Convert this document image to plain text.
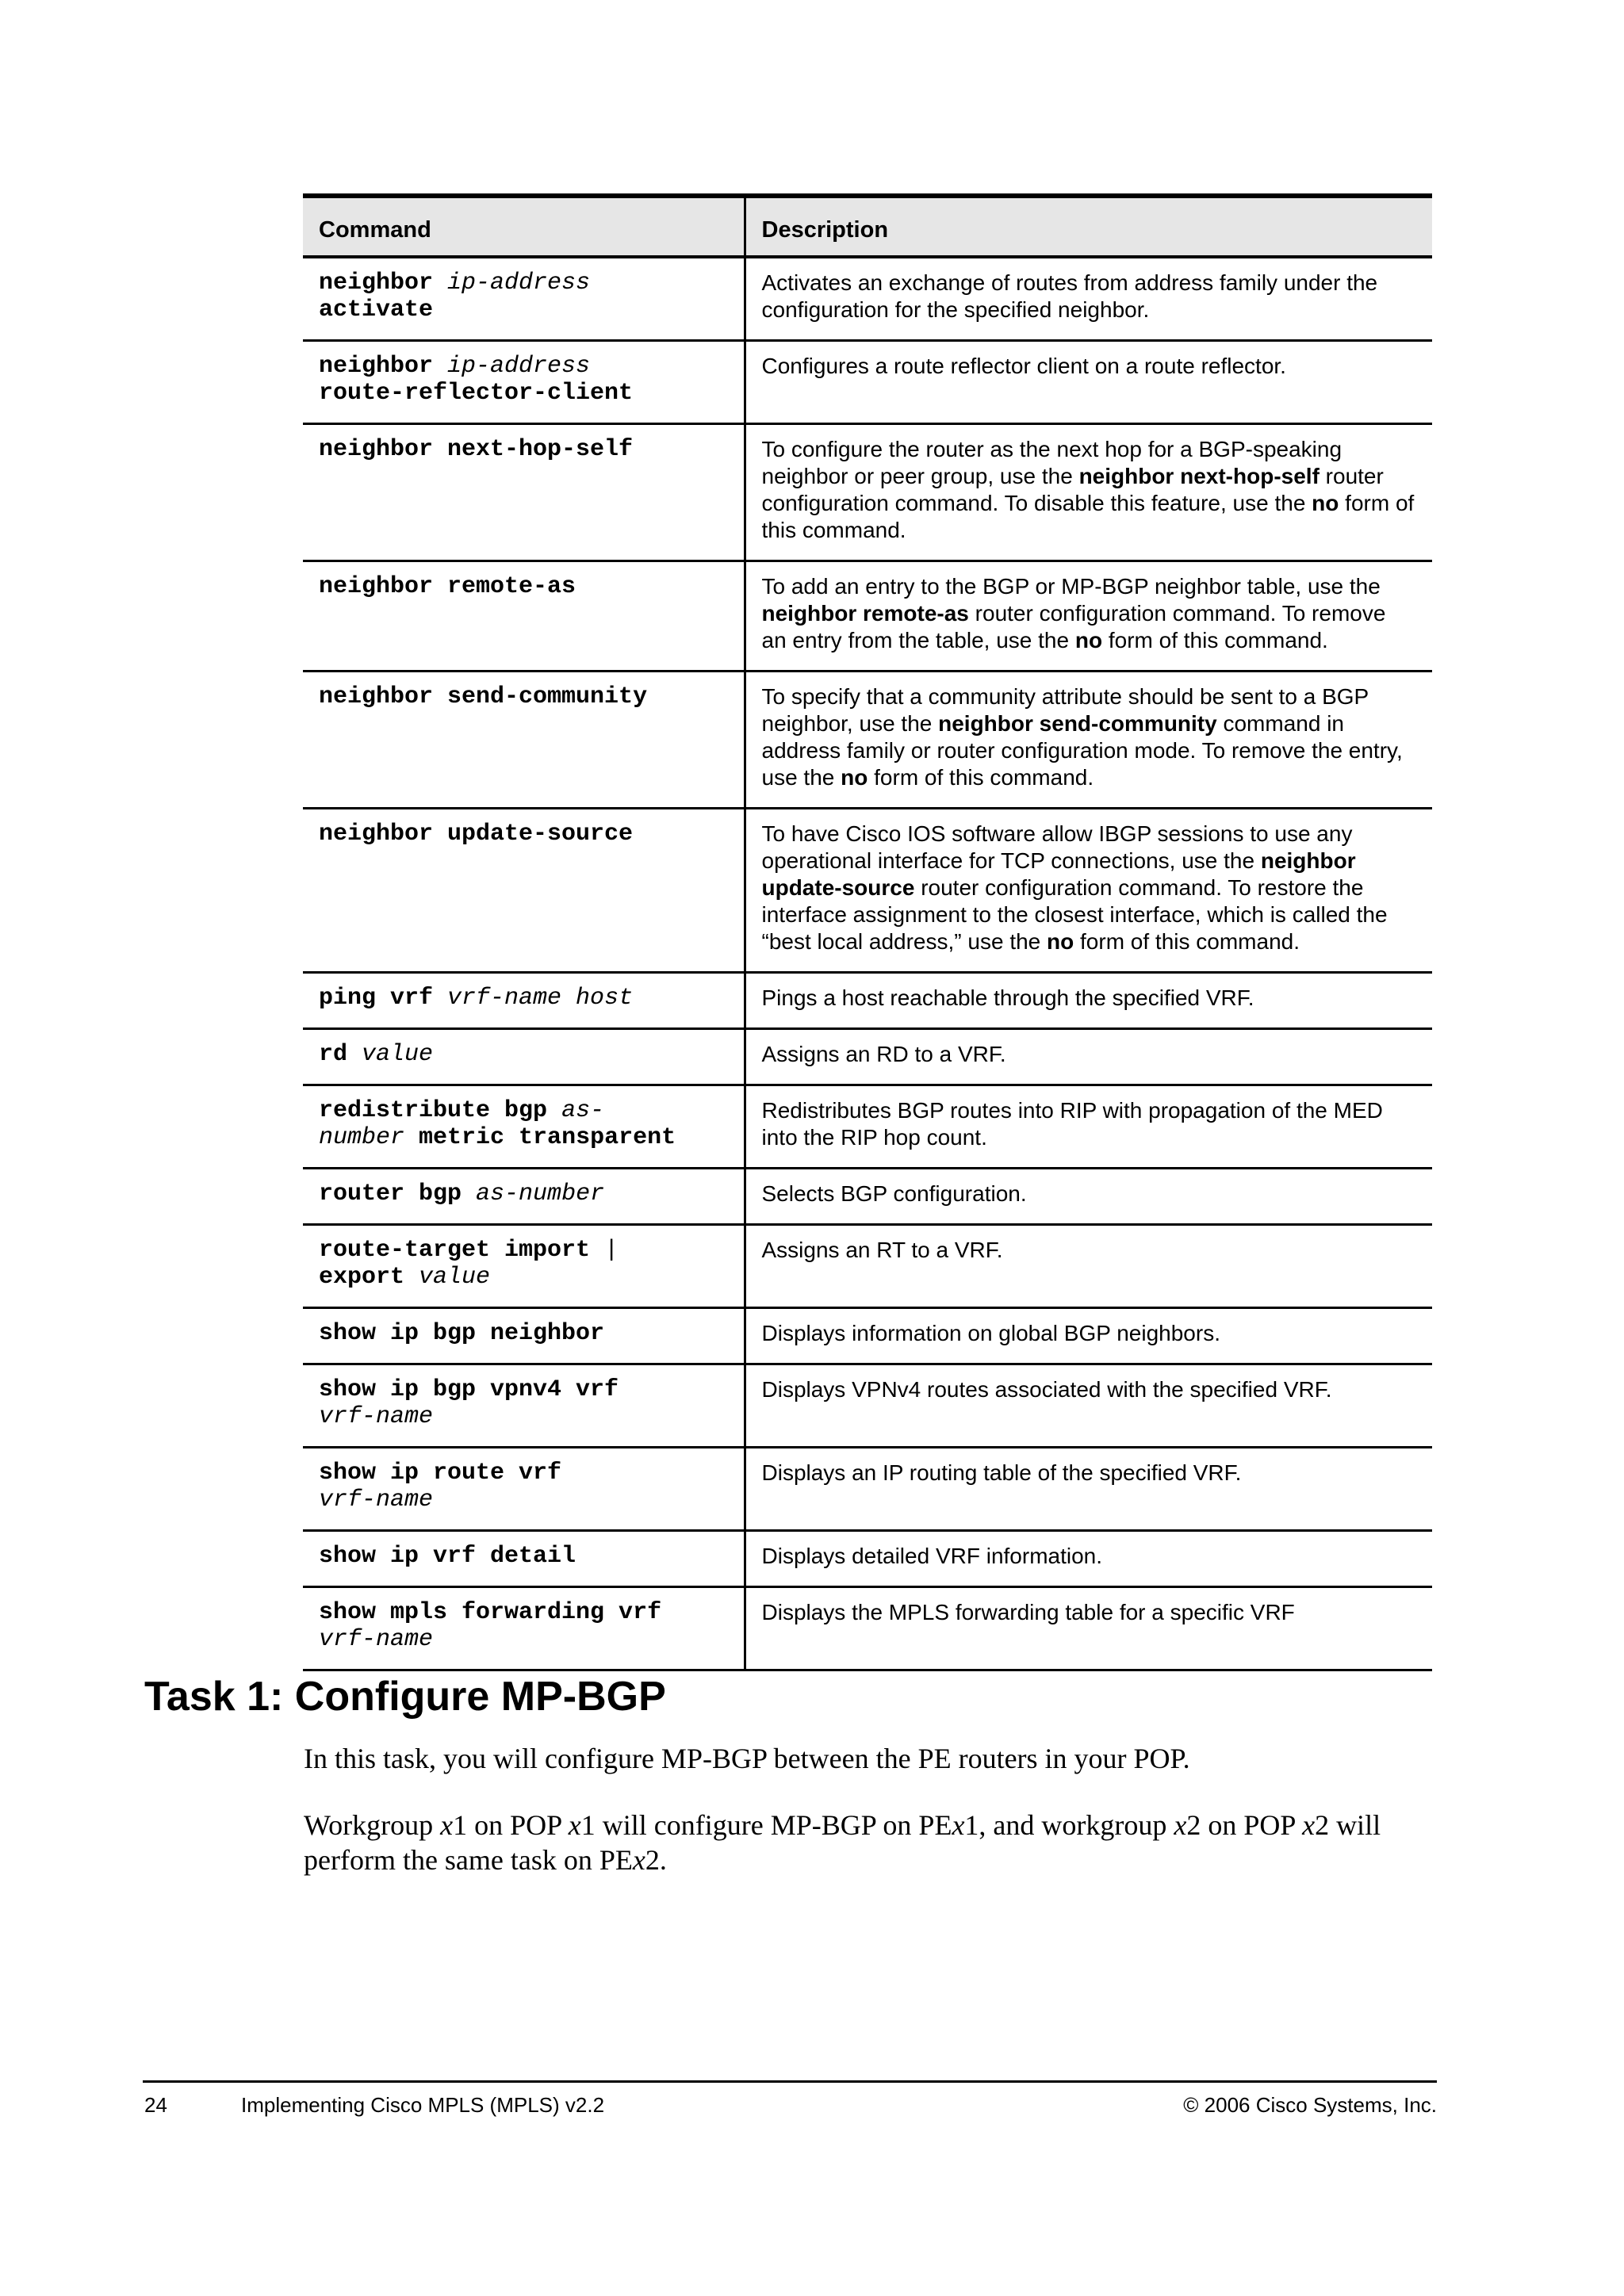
Command	Description
neighbor ip-address
activate	Activates an exchange of routes from address family under the configuration for the specified neighbor.
neighbor ip-address
route-reflector-client	Configures a route reflector client on a route reflector.
neighbor next-hop-self	To configure the router as the next hop for a BGP-speaking neighbor or peer group, use the neighbor next-hop-self router configuration command. To disable this feature, use the no form of this command.
neighbor remote-as	To add an entry to the BGP or MP-BGP neighbor table, use the neighbor remote-as router configuration command. To remove an entry from the table, use the no form of this command.
neighbor send-community	To specify that a community attribute should be sent to a BGP neighbor, use the neighbor send-community command in address family or router configuration mode. To remove the entry, use the no form of this command.
neighbor update-source	To have Cisco IOS software allow IBGP sessions to use any operational interface for TCP connections, use the neighbor update-source router configuration command. To restore the interface assignment to the closest interface, which is called the “best local address,” use the no form of this command.
ping vrf vrf-name host	Pings a host reachable through the specified VRF.
rd value	Assigns an RD to a VRF.
redistribute bgp as-
number metric transparent	Redistributes BGP routes into RIP with propagation of the MED into the RIP hop count.
router bgp as-number	Selects BGP configuration.
route-target import |
export value	Assigns an RT to a VRF.
show ip bgp neighbor	Displays information on global BGP neighbors.
show ip bgp vpnv4 vrf
vrf-name	Displays VPNv4 routes associated with the specified VRF.
show ip route vrf
vrf-name	Displays an IP routing table of the specified VRF.
show ip vrf detail	Displays detailed VRF information.
show mpls forwarding vrf
vrf-name	Displays the MPLS forwarding table for a specific VRF
Task 1: Configure MP-BGP

In this task, you will configure MP-BGP between the PE routers in your POP.

Workgroup x1 on POP x1 will configure MP-BGP on PEx1, and workgroup x2 on POP x2 will perform the same task on PEx2.

24	Implementing Cisco MPLS (MPLS) v2.2	© 2006 Cisco Systems, Inc.
